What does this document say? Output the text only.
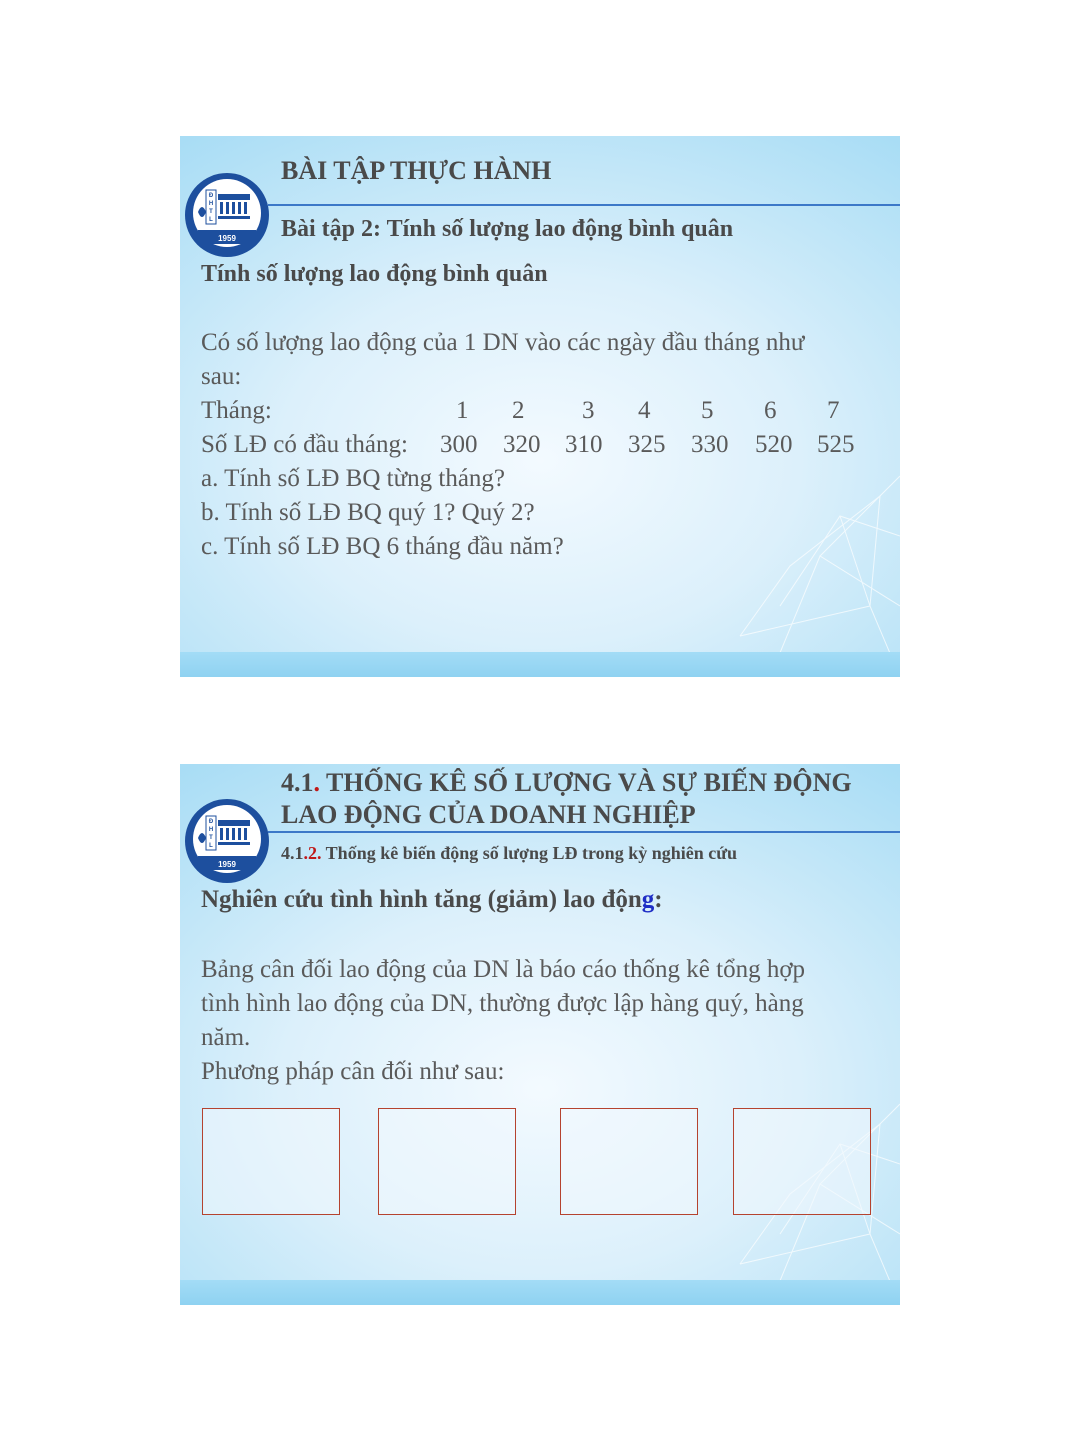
1959
Đ
H
T
L
BÀI TẬP THỰC HÀNH
Bài tập 2: Tính số lượng lao động bình quân
Tính số lượng lao động bình quân
Có số lượng lao động của 1 DN vào các ngày đầu tháng như
sau:
Tháng:	1 2 3 4 5 6 7
Số LĐ có đầu tháng: 300 320 310 325 330 520 525
a. Tính số LĐ BQ từng tháng?
b. Tính số LĐ BQ quý 1? Quý 2?
c. Tính số LĐ BQ 6 tháng đầu năm?
1959
Đ
H
T
L
4.1. THỐNG KÊ SỐ LƯỢNG VÀ SỰ BIẾN ĐỘNG
LAO ĐỘNG CỦA DOANH NGHIỆP
4.1.2. Thống kê biến động số lượng LĐ trong kỳ nghiên cứu
Nghiên cứu tình hình tăng (giảm) lao động:
Bảng cân đối lao động của DN là báo cáo thống kê tổng hợp
tình hình lao động của DN, thường được lập hàng quý, hàng
năm.
Phương pháp cân đối như sau:
